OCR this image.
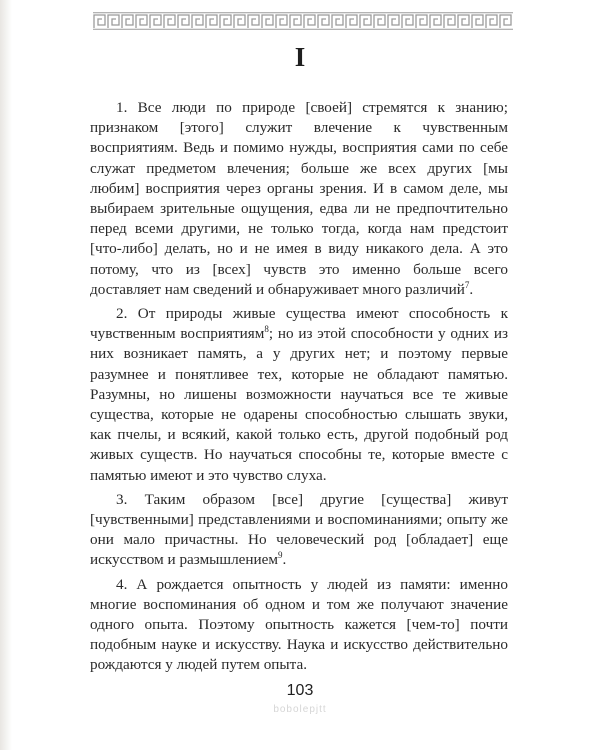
I

1. Все люди по природе [своей] стремятся к знанию; признаком [этого] служит влечение к чувственным восприятиям. Ведь и помимо нужды, восприятия сами по себе служат предметом влечения; больше же всех других [мы любим] восприятия через органы зрения. И в самом деле, мы выбираем зрительные ощущения, едва ли не предпочтительно перед всеми другими, не только тогда, когда нам предстоит [что-либо] делать, но и не имея в виду никакого дела. А это потому, что из [всех] чувств это именно больше всего доставляет нам сведений и обнаруживает много различий$^7$.

2. От природы живые существа имеют способность к чувственным восприятиям$^8$; но из этой способности у одних из них возникает память, а у других нет; и поэтому первые разумнее и понятливее тех, которые не обладают памятью. Разумны, но лишены возможности научаться все те живые существа, которые не одарены способностью слышать звуки, как пчелы, и всякий, какой только есть, другой подобный род живых существ. Но научаться способны те, которые вместе с памятью имеют и это чувство слуха.

3. Таким образом [все] другие [существа] живут [чувственными] представлениями и воспоминаниями; опыту же они мало причастны. Но человеческий род [обладает] еще искусством и размышлением$^9$.

4. А рождается опытность у людей из памяти: именно многие воспоминания об одном и том же получают значение одного опыта. Поэтому опытность кажется [чем-то] почти подобным науке и искусству. Наука и искусство действительно рождаются у людей путем опыта.

103
bobolepjtt
